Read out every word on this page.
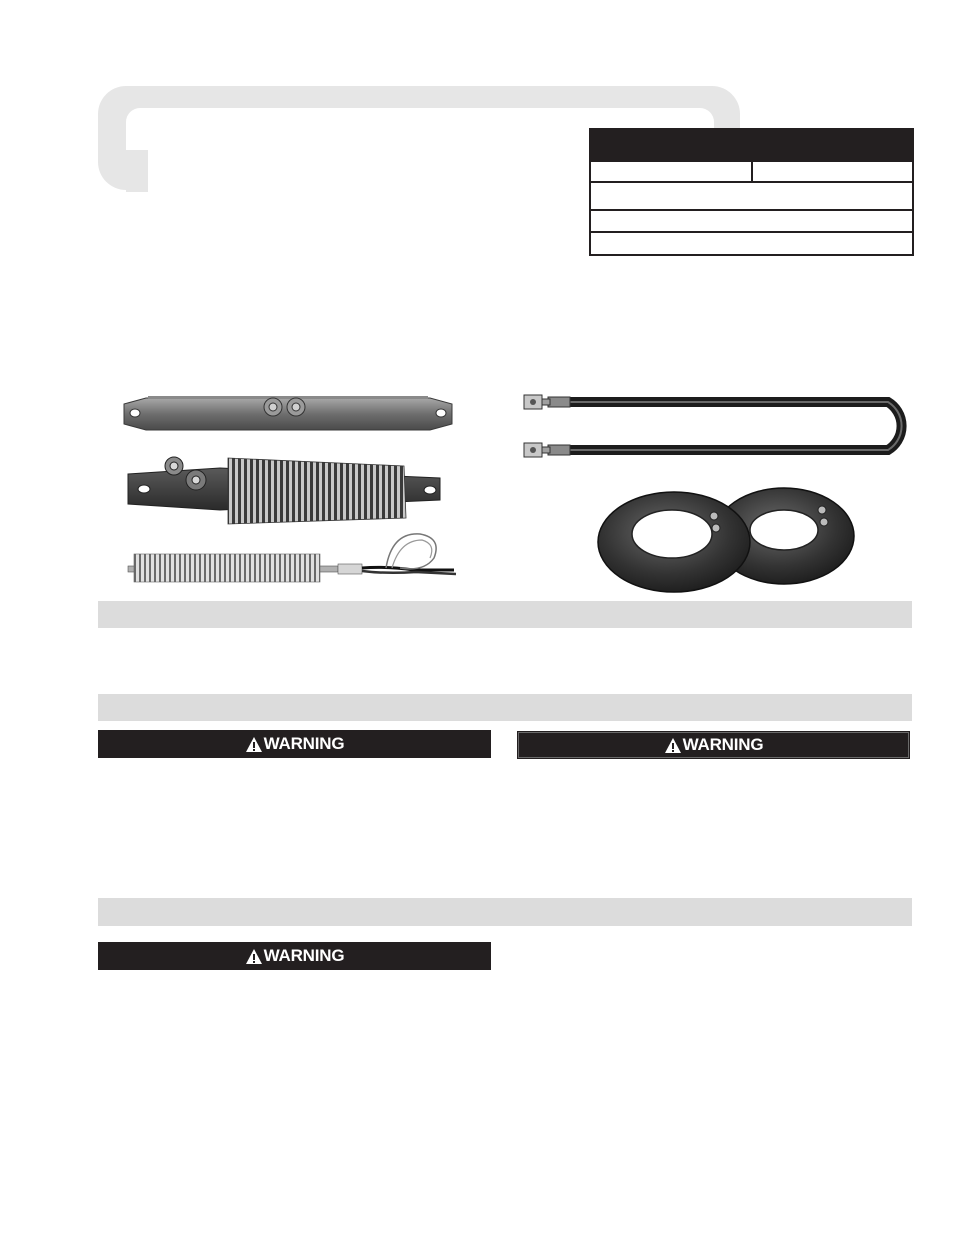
WARNING	WARNING
WARNING
